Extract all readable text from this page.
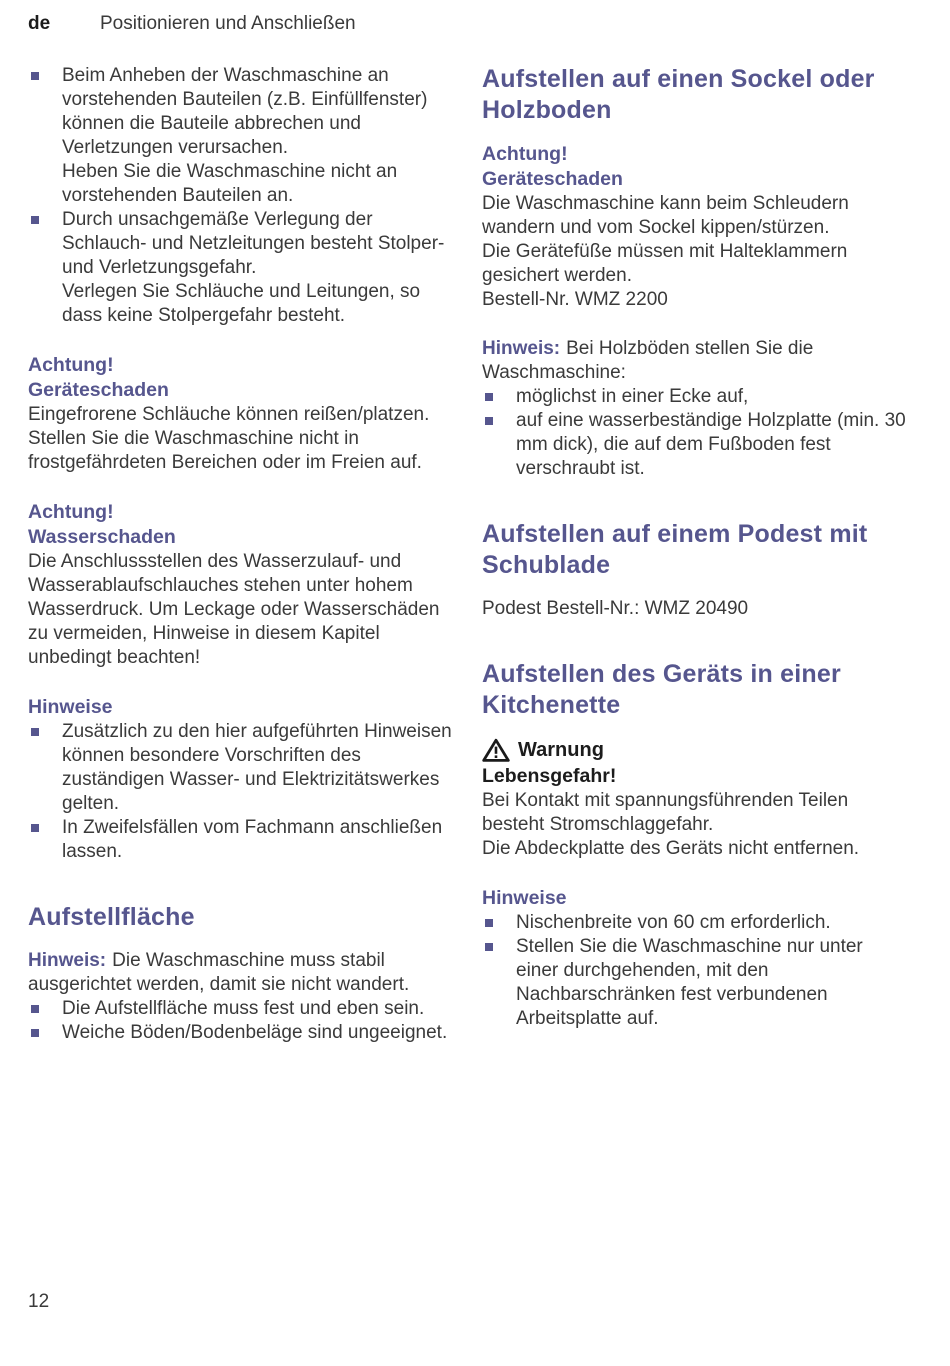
de	Positionieren und Anschließen

Beim Anheben der Waschmaschine an vorstehenden Bauteilen (z.B. Einfüllfenster) können die Bauteile abbrechen und Verletzungen verursachen.

Heben Sie die Waschmaschine nicht an vorstehenden Bauteilen an.

Durch unsachgemäße Verlegung der Schlauch- und Netzleitungen besteht Stolper- und Verletzungsgefahr.

Verlegen Sie Schläuche und Leitungen, so dass keine Stolpergefahr besteht.

Achtung!
Geräteschaden

Eingefrorene Schläuche können reißen/platzen.

Stellen Sie die Waschmaschine nicht in frostgefährdeten Bereichen oder im Freien auf.

Achtung!
Wasserschaden

Die Anschlussstellen des Wasserzulauf- und Wasserablaufschlauches stehen unter hohem Wasserdruck. Um Leckage oder Wasserschäden zu vermeiden, Hinweise in diesem Kapitel unbedingt beachten!

Hinweise

Zusätzlich zu den hier aufgeführten Hinweisen können besondere Vorschriften des zuständigen Wasser- und Elektrizitätswerkes gelten.

In Zweifelsfällen vom Fachmann anschließen lassen.

Aufstellfläche

Hinweis: Die Waschmaschine muss stabil ausgerichtet werden, damit sie nicht wandert.

Die Aufstellfläche muss fest und eben sein.

Weiche Böden/Bodenbeläge sind ungeeignet.

Aufstellen auf einen Sockel oder Holzboden
Achtung!
Geräteschaden

Die Waschmaschine kann beim Schleudern wandern und vom Sockel kippen/stürzen.

Die Gerätefüße müssen mit Halteklammern gesichert werden.

Bestell-Nr. WMZ 2200

Hinweis: Bei Holzböden stellen Sie die Waschmaschine:

möglichst in einer Ecke auf,

auf eine wasserbeständige Holzplatte (min. 30 mm dick), die auf dem Fußboden fest verschraubt ist.

Aufstellen auf einem Podest mit Schublade

Podest Bestell-Nr.: WMZ 20490

Aufstellen des Geräts in einer Kitchenette
Warnung
Lebensgefahr!

Bei Kontakt mit spannungsführenden Teilen besteht Stromschlaggefahr.

Die Abdeckplatte des Geräts nicht entfernen.

Hinweise

Nischenbreite von 60 cm erforderlich.

Stellen Sie die Waschmaschine nur unter einer durchgehenden, mit den Nachbarschränken fest verbundenen Arbeitsplatte auf.

12
